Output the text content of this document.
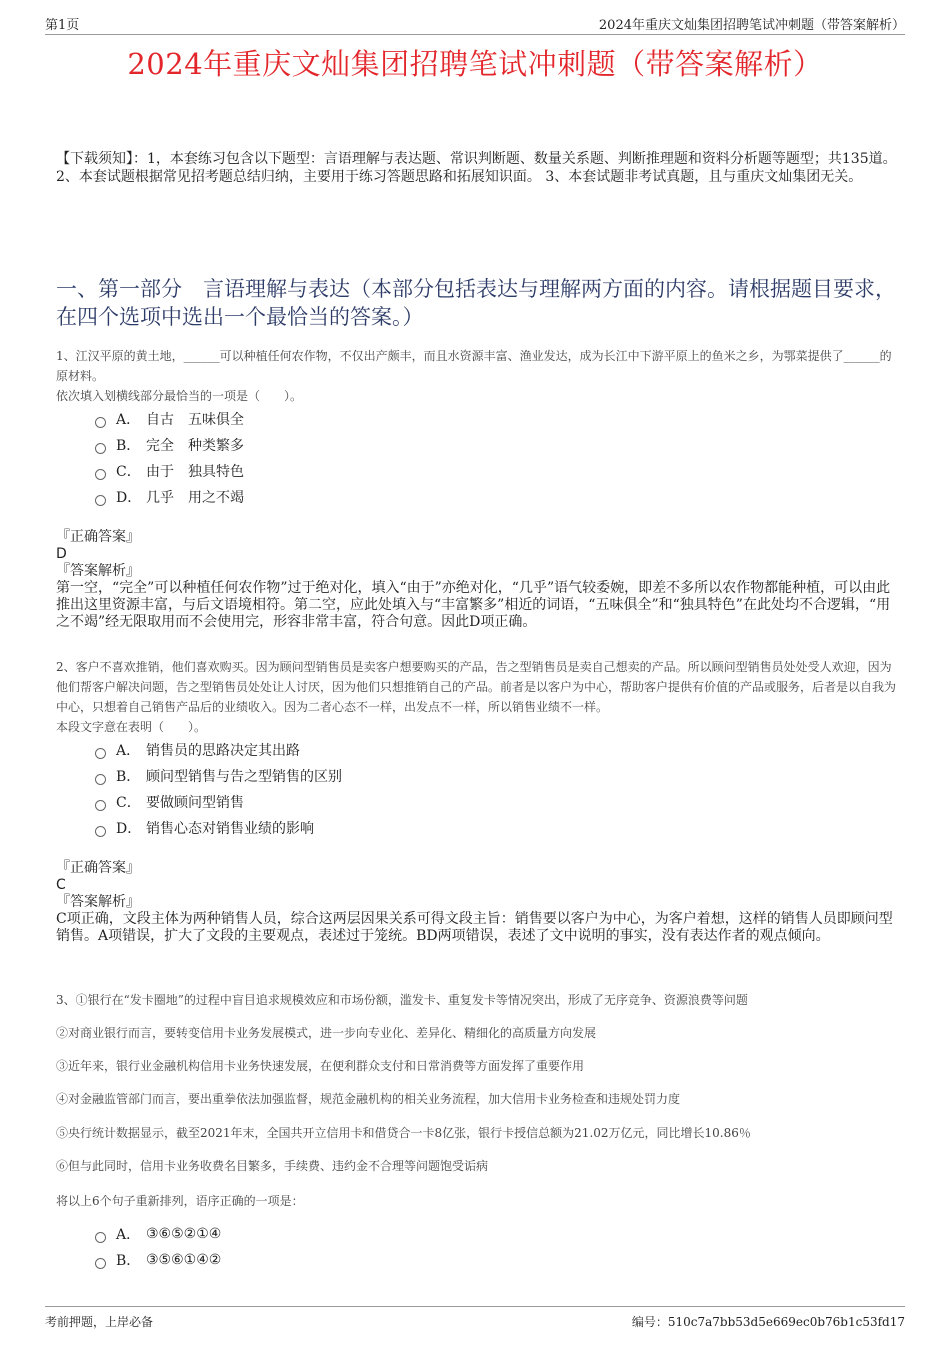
第1页	2024年重庆文灿集团招聘笔试冲刺题（带答案解析）
2024年重庆文灿集团招聘笔试冲刺题（带答案解析）
【下载须知】：1，本套练习包含以下题型：言语理解与表达题、常识判断题、数量关系题、判断推理题和资料分析题等题型；共135道。 2、本套试题根据常见招考题总结归纳，主要用于练习答题思路和拓展知识面。 3、本套试题非考试真题，且与重庆文灿集团无关。
一、第一部分　言语理解与表达（本部分包括表达与理解两方面的内容。请根据题目要求，在四个选项中选出一个最恰当的答案。）
1、江汉平原的黄土地，______可以种植任何农作物，不仅出产颇丰，而且水资源丰富、渔业发达，成为长江中下游平原上的鱼米之乡，为鄂菜提供了______的原材料。
依次填入划横线部分最恰当的一项是（　　）。
A． 自古　五味俱全
B． 完全　种类繁多
C． 由于　独具特色
D． 几乎　用之不竭
『正确答案』
D
『答案解析』
第一空，“完全”可以种植任何农作物”过于绝对化，填入“由于”亦绝对化，“几乎”语气较委婉，即差不多所以农作物都能种植，可以由此推出这里资源丰富，与后文语境相符。第二空，应此处填入与“丰富繁多”相近的词语，“五味俱全”和“独具特色”在此处均不合逻辑，“用之不竭”经无限取用而不会使用完，形容非常丰富，符合句意。因此D项正确。
2、客户不喜欢推销，他们喜欢购买。因为顾问型销售员是卖客户想要购买的产品，告之型销售员是卖自己想卖的产品。所以顾问型销售员处处受人欢迎，因为他们帮客户解决问题，告之型销售员处处让人讨厌，因为他们只想推销自己的产品。前者是以客户为中心，帮助客户提供有价值的产品或服务，后者是以自我为中心，只想着自己销售产品后的业绩收入。因为二者心态不一样，出发点不一样，所以销售业绩不一样。
本段文字意在表明（　　）。
A． 销售员的思路决定其出路
B． 顾问型销售与告之型销售的区别
C． 要做顾问型销售
D． 销售心态对销售业绩的影响
『正确答案』
C
『答案解析』
C项正确，文段主体为两种销售人员，综合这两层因果关系可得文段主旨：销售要以客户为中心，为客户着想，这样的销售人员即顾问型销售。A项错误，扩大了文段的主要观点，表述过于笼统。BD两项错误，表述了文中说明的事实，没有表达作者的观点倾向。
3、①银行在“发卡圈地”的过程中盲目追求规模效应和市场份额，滥发卡、重复发卡等情况突出，形成了无序竞争、资源浪费等问题
②对商业银行而言，要转变信用卡业务发展模式，进一步向专业化、差异化、精细化的高质量方向发展
③近年来，银行业金融机构信用卡业务快速发展，在便利群众支付和日常消费等方面发挥了重要作用
④对金融监管部门而言，要出重拳依法加强监督，规范金融机构的相关业务流程，加大信用卡业务检查和违规处罚力度
⑤央行统计数据显示，截至2021年末，全国共开立信用卡和借贷合一卡8亿张，银行卡授信总额为21.02万亿元，同比增长10.86％
⑥但与此同时，信用卡业务收费名目繁多，手续费、违约金不合理等问题饱受诟病
将以上6个句子重新排列，语序正确的一项是：
A． ③⑥⑤②①④
B． ③⑤⑥①④②
考前押题，上岸必备	编号：510c7a7bb53d5e669ec0b76b1c53fd17
